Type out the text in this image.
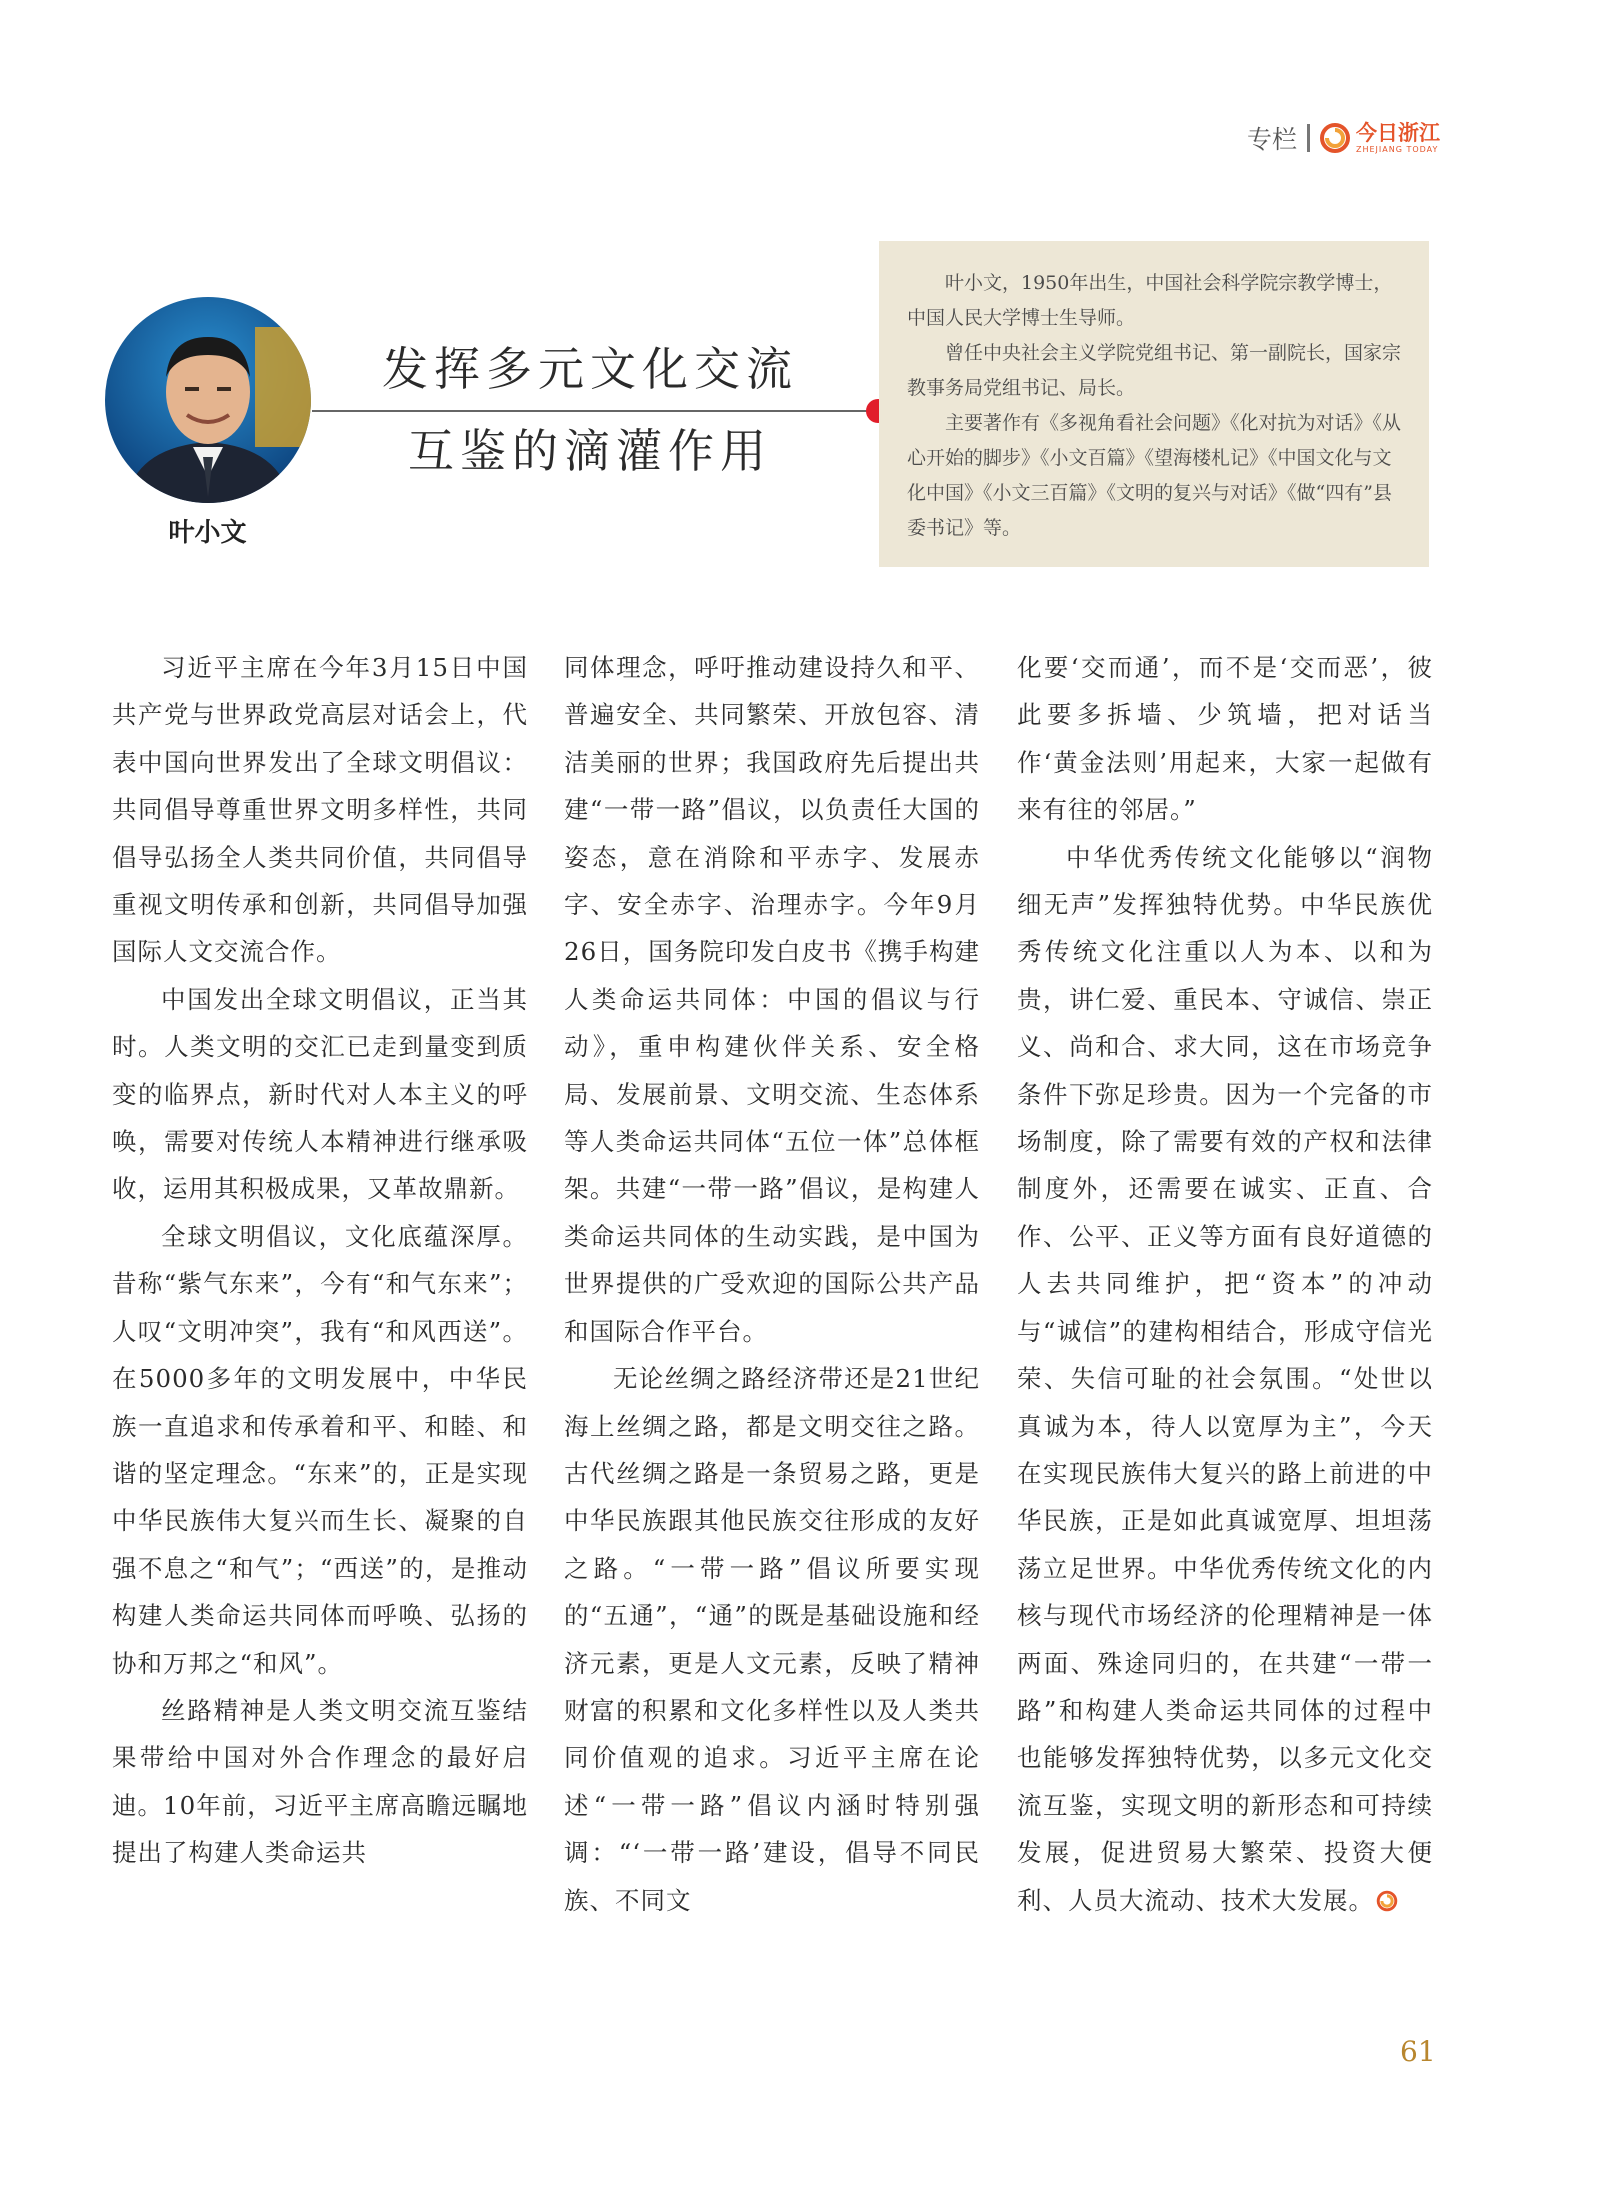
专栏	今日浙江
ZHEJIANG TODAY
叶小文
发挥多元文化交流
互鉴的滴灌作用

叶小文，1950年出生，中国社会科学院宗教学博士，中国人民大学博士生导师。

曾任中央社会主义学院党组书记、第一副院长，国家宗教事务局党组书记、局长。

主要著作有《多视角看社会问题》《化对抗为对话》《从心开始的脚步》《小文百篇》《望海楼札记》《中国文化与文化中国》《小文三百篇》《文明的复兴与对话》《做“四有”县委书记》等。

习近平主席在今年3月15日中国共产党与世界政党高层对话会上，代表中国向世界发出了全球文明倡议：共同倡导尊重世界文明多样性，共同倡导弘扬全人类共同价值，共同倡导重视文明传承和创新，共同倡导加强国际人文交流合作。

中国发出全球文明倡议，正当其时。人类文明的交汇已走到量变到质变的临界点，新时代对人本主义的呼唤，需要对传统人本精神进行继承吸收，运用其积极成果，又革故鼎新。

全球文明倡议，文化底蕴深厚。昔称“紫气东来”，今有“和气东来”；人叹“文明冲突”，我有“和风西送”。在5000多年的文明发展中，中华民族一直追求和传承着和平、和睦、和谐的坚定理念。“东来”的，正是实现中华民族伟大复兴而生长、凝聚的自强不息之“和气”；“西送”的，是推动构建人类命运共同体而呼唤、弘扬的协和万邦之“和风”。

丝路精神是人类文明交流互鉴结果带给中国对外合作理念的最好启迪。10年前，习近平主席高瞻远瞩地提出了构建人类命运共

同体理念，呼吁推动建设持久和平、普遍安全、共同繁荣、开放包容、清洁美丽的世界；我国政府先后提出共建“一带一路”倡议，以负责任大国的姿态，意在消除和平赤字、发展赤字、安全赤字、治理赤字。今年9月26日，国务院印发白皮书《携手构建人类命运共同体：中国的倡议与行动》，重申构建伙伴关系、安全格局、发展前景、文明交流、生态体系等人类命运共同体“五位一体”总体框架。共建“一带一路”倡议，是构建人类命运共同体的生动实践，是中国为世界提供的广受欢迎的国际公共产品和国际合作平台。

无论丝绸之路经济带还是21世纪海上丝绸之路，都是文明交往之路。古代丝绸之路是一条贸易之路，更是中华民族跟其他民族交往形成的友好之路。“一带一路”倡议所要实现的“五通”，“通”的既是基础设施和经济元素，更是人文元素，反映了精神财富的积累和文化多样性以及人类共同价值观的追求。习近平主席在论述“一带一路”倡议内涵时特别强调：“‘一带一路’建设，倡导不同民族、不同文

化要‘交而通’，而不是‘交而恶’，彼此要多拆墙、少筑墙，把对话当作‘黄金法则’用起来，大家一起做有来有往的邻居。”

中华优秀传统文化能够以“润物细无声”发挥独特优势。中华民族优秀传统文化注重以人为本、以和为贵，讲仁爱、重民本、守诚信、崇正义、尚和合、求大同，这在市场竞争条件下弥足珍贵。因为一个完备的市场制度，除了需要有效的产权和法律制度外，还需要在诚实、正直、合作、公平、正义等方面有良好道德的人去共同维护，把“资本”的冲动与“诚信”的建构相结合，形成守信光荣、失信可耻的社会氛围。“处世以真诚为本，待人以宽厚为主”，今天在实现民族伟大复兴的路上前进的中华民族，正是如此真诚宽厚、坦坦荡荡立足世界。中华优秀传统文化的内核与现代市场经济的伦理精神是一体两面、殊途同归的，在共建“一带一路”和构建人类命运共同体的过程中也能够发挥独特优势，以多元文化交流互鉴，实现文明的新形态和可持续发展，促进贸易大繁荣、投资大便利、人员大流动、技术大发展。

61
